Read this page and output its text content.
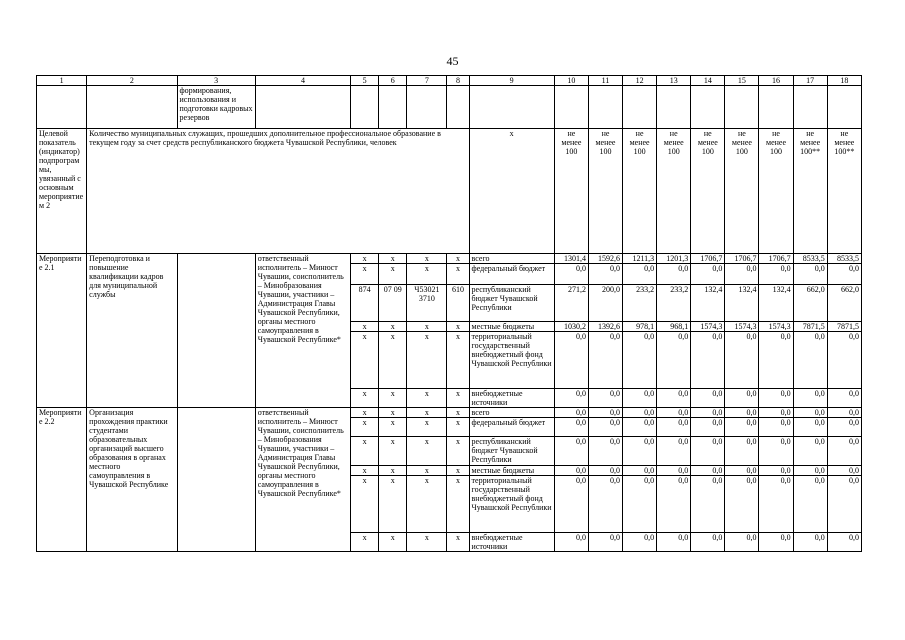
45
1	2	3	4	5	6	7	8	9	10	11	12	13	14	15	16	17	18
		формирования, использования и подготовки кадровых резервов															
Целевой показатель (индикатор) подпрограммы, увязанный с основным мероприятием 2	Количество муниципальных служащих, прошедших дополнительное профессиональное образование в текущем году за счет средств республиканского бюджета Чувашской Республики, человек							x	не менее 100	не менее 100	не менее 100	не менее 100	не менее 100	не менее 100	не менее 100	не менее 100**	не менее 100**
Мероприятие 2.1	Переподготовка и повышение квалификации кадров для муниципальной службы		ответственный исполнитель – Минюст Чувашии, соисполнитель – Минобразования Чувашии, участники – Администрация Главы Чувашской Республики, органы местного самоуправления в Чувашской Республике*	x	x	x	x	всего	1301,4	1592,6	1211,3	1201,3	1706,7	1706,7	1706,7	8533,5	8533,5
				x	x	x	x	федеральный бюджет	0,0	0,0	0,0	0,0	0,0	0,0	0,0	0,0	0,0
				874	07 09	Ч53021 3710	610	республиканский бюджет Чувашской Республики	271,2	200,0	233,2	233,2	132,4	132,4	132,4	662,0	662,0
				x	x	x	x	местные бюджеты	1030,2	1392,6	978,1	968,1	1574,3	1574,3	1574,3	7871,5	7871,5
				x	x	x	x	территориальный государственный внебюджетный фонд Чувашской Республики	0,0	0,0	0,0	0,0	0,0	0,0	0,0	0,0	0,0
				x	x	x	x	внебюджетные источники	0,0	0,0	0,0	0,0	0,0	0,0	0,0	0,0	0,0
Мероприятие 2.2	Организация прохождения практики студентами образовательных организаций высшего образования в органах местного самоуправления в Чувашской Республике		ответственный исполнитель – Минюст Чувашии, соисполнитель – Минобразования Чувашии, участники – Администрация Главы Чувашской Республики, органы местного самоуправления в Чувашской Республике*	x	x	x	x	всего	0,0	0,0	0,0	0,0	0,0	0,0	0,0	0,0	0,0
				x	x	x	x	федеральный бюджет	0,0	0,0	0,0	0,0	0,0	0,0	0,0	0,0	0,0
				x	x	x	x	республиканский бюджет Чувашской Республики	0,0	0,0	0,0	0,0	0,0	0,0	0,0	0,0	0,0
				x	x	x	x	местные бюджеты	0,0	0,0	0,0	0,0	0,0	0,0	0,0	0,0	0,0
				x	x	x	x	территориальный государственный внебюджетный фонд Чувашской Республики	0,0	0,0	0,0	0,0	0,0	0,0	0,0	0,0	0,0
				x	x	x	x	внебюджетные источники	0,0	0,0	0,0	0,0	0,0	0,0	0,0	0,0	0,0
